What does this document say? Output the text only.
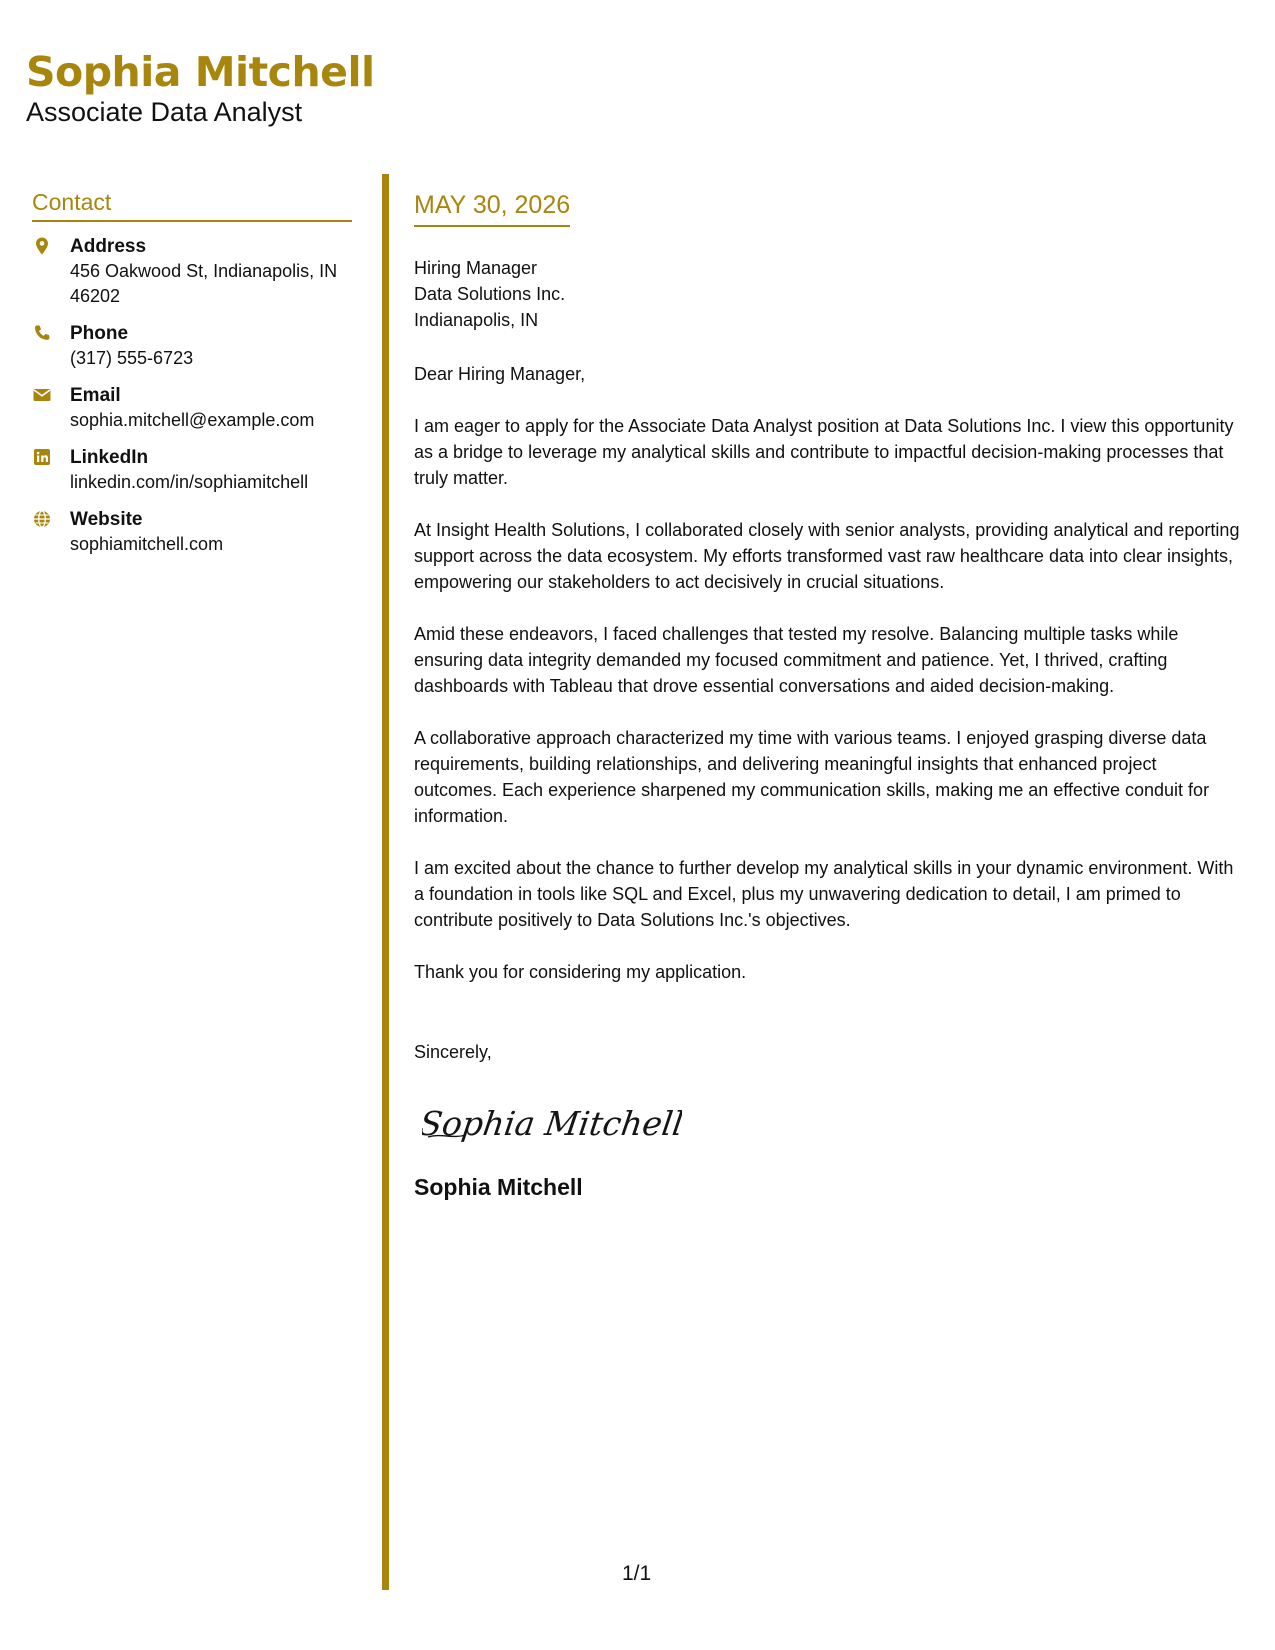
Sophia Mitchell
Associate Data Analyst
Contact
Address
456 Oakwood St, Indianapolis, IN 46202
Phone
(317) 555-6723
Email
sophia.mitchell@example.com
LinkedIn
linkedin.com/in/sophiamitchell
Website
sophiamitchell.com
MAY 30, 2026
Hiring Manager
Data Solutions Inc.
Indianapolis, IN
Dear Hiring Manager,
I am eager to apply for the Associate Data Analyst position at Data Solutions Inc. I view this opportunity as a bridge to leverage my analytical skills and contribute to impactful decision-making processes that truly matter.
At Insight Health Solutions, I collaborated closely with senior analysts, providing analytical and reporting support across the data ecosystem. My efforts transformed vast raw healthcare data into clear insights, empowering our stakeholders to act decisively in crucial situations.
Amid these endeavors, I faced challenges that tested my resolve. Balancing multiple tasks while ensuring data integrity demanded my focused commitment and patience. Yet, I thrived, crafting dashboards with Tableau that drove essential conversations and aided decision-making.
A collaborative approach characterized my time with various teams. I enjoyed grasping diverse data requirements, building relationships, and delivering meaningful insights that enhanced project outcomes. Each experience sharpened my communication skills, making me an effective conduit for information.
I am excited about the chance to further develop my analytical skills in your dynamic environment. With a foundation in tools like SQL and Excel, plus my unwavering dedication to detail, I am primed to contribute positively to Data Solutions Inc.'s objectives.
Thank you for considering my application.
Sincerely,
Sophia Mitchell
Sophia Mitchell
1/1
